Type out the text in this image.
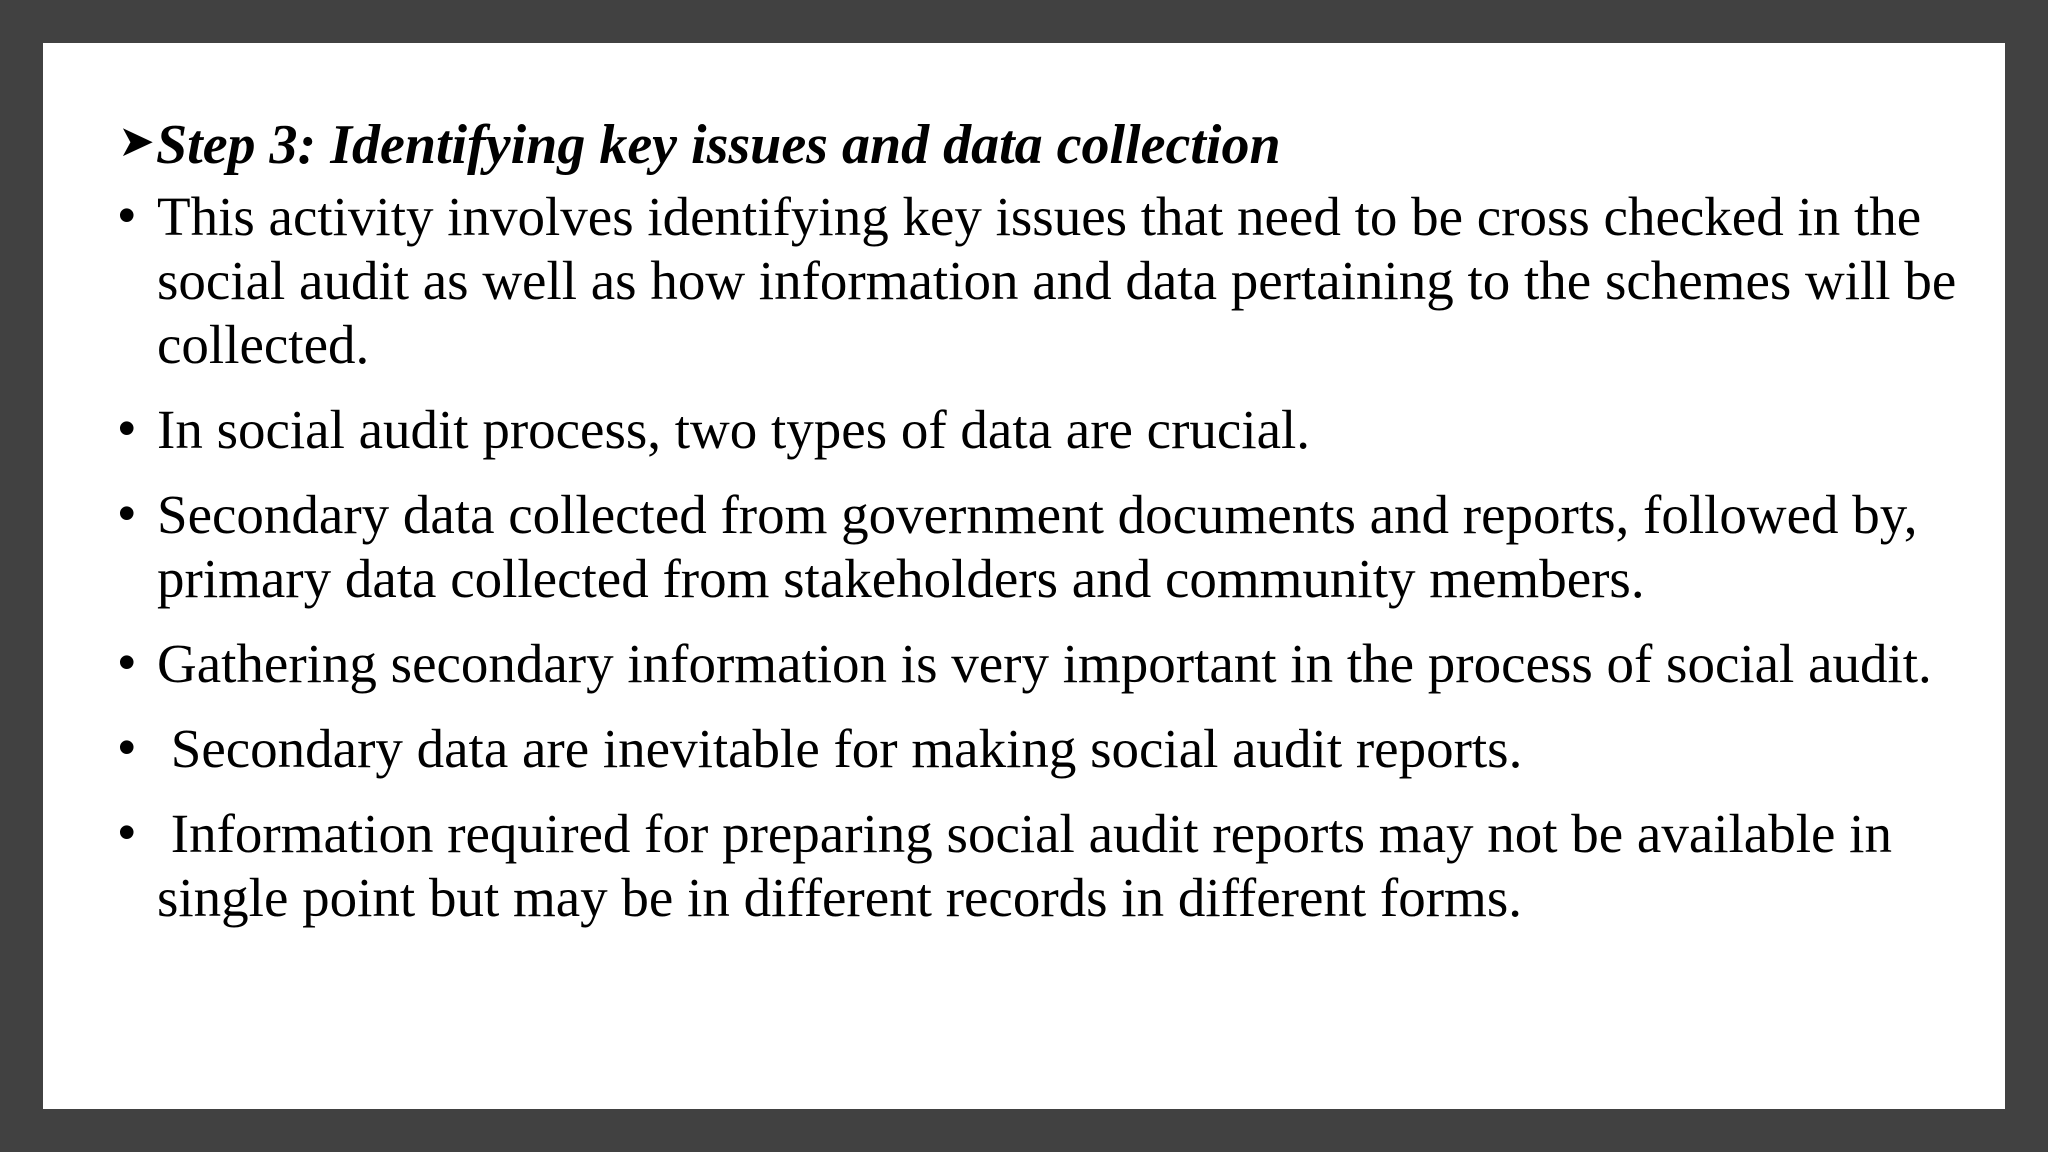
➤ Step 3: Identifying key issues and data collection
• This activity involves identifying key issues that need to be cross checked in the social audit as well as how information and data pertaining to the schemes will be collected.
• In social audit process, two types of data are crucial.
• Secondary data collected from government documents and reports, followed by, primary data collected from stakeholders and community members.
• Gathering secondary information is very important in the process of social audit.
• Secondary data are inevitable for making social audit reports.
• Information required for preparing social audit reports may not be available in single point but may be in different records in different forms.
